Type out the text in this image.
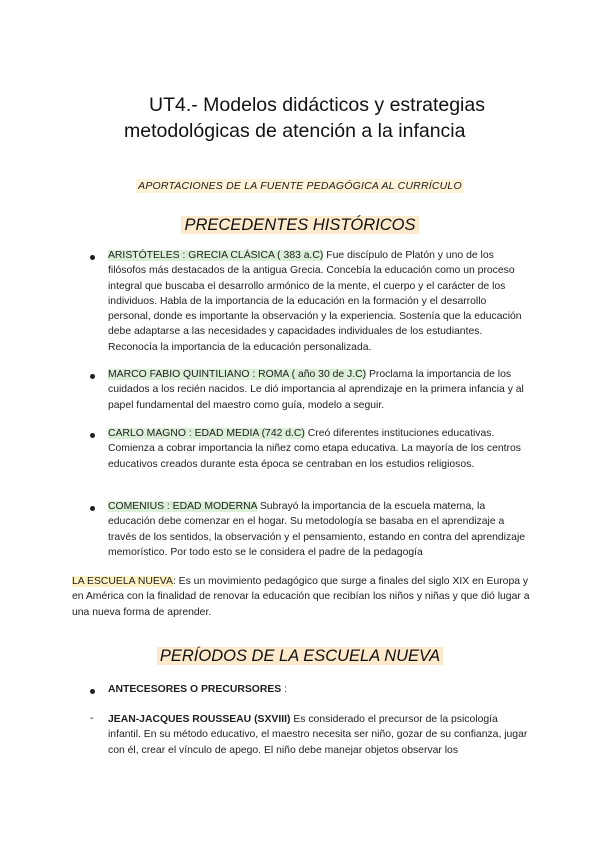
UT4.- Modelos didácticos y estrategias
metodológicas de atención a la infancia
APORTACIONES DE LA FUENTE PEDAGÓGICA AL CURRÍCULO
PRECEDENTES HISTÓRICOS

ARISTÓTELES : GRECIA CLÁSICA ( 383 a.C) Fue discípulo de Platón y uno de los filósofos más destacados de la antigua Grecia. Concebía la educación como un proceso integral que buscaba el desarrollo armónico de la mente, el cuerpo y el carácter de los individuos. Habla de la importancia de la educación en la formación y el desarrollo personal, donde es importante la observación y la experiencia. Sostenía que la educación debe adaptarse a las necesidades y capacidades individuales de los estudiantes. Reconocía la importancia de la educación personalizada.

MARCO FABIO QUINTILIANO : ROMA ( año 30 de J.C) Proclama la importancia de los cuidados a los recién nacidos. Le dió importancia al aprendizaje en la primera infancia y al papel fundamental del maestro como guía, modelo a seguir.

CARLO MAGNO : EDAD MEDIA (742 d.C) Creó diferentes instituciones educativas. Comienza a cobrar importancia la niñez como etapa educativa. La mayoría de los centros educativos creados durante esta época se centraban en los estudios religiosos.

COMENIUS : EDAD MODERNA Subrayó la importancia de la escuela materna, la educación debe comenzar en el hogar. Su metodología se basaba en el aprendizaje a través de los sentidos, la observación y el pensamiento, estando en contra del aprendizaje memorístico. Por todo esto se le considera el padre de la pedagogía

LA ESCUELA NUEVA: Es un movimiento pedagógico que surge a finales del siglo XIX en Europa y en América con la finalidad de renovar la educación que recibían los niños y niñas y que dió lugar a una nueva forma de aprender.

PERÍODOS DE LA ESCUELA NUEVA

ANTECESORES O PRECURSORES :

- JEAN-JACQUES ROUSSEAU (SXVIII) Es considerado el precursor de la psicología infantil. En su método educativo, el maestro necesita ser niño, gozar de su confianza, jugar con él, crear el vínculo de apego. El niño debe manejar objetos observar los
